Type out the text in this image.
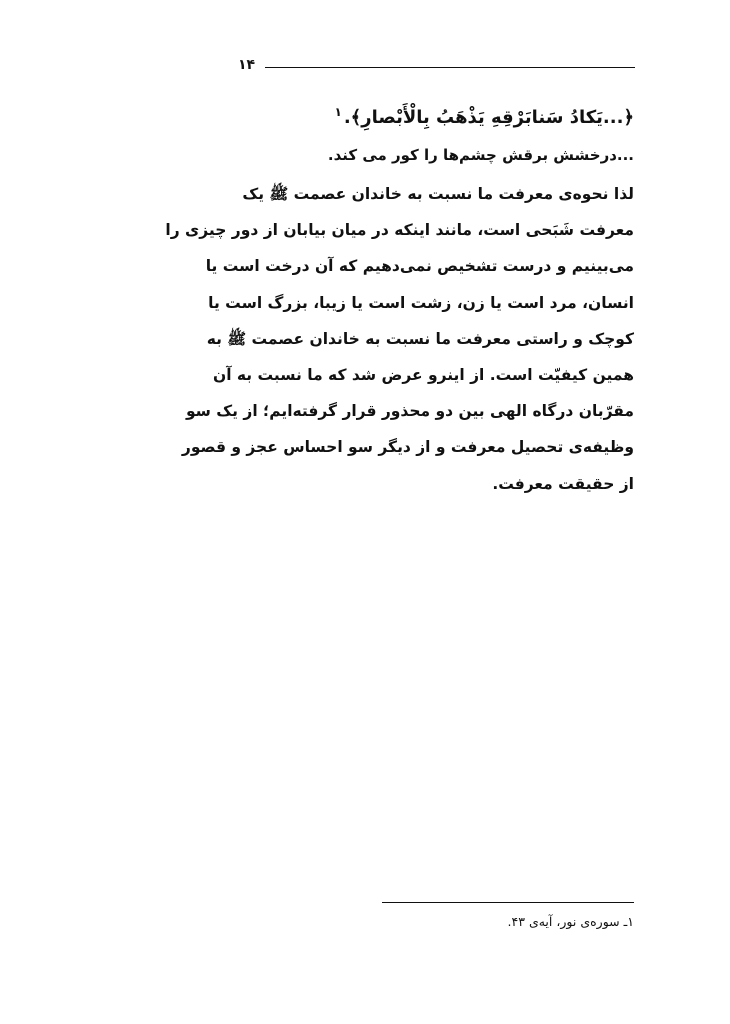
۱۴
﴿...يَكادُ سَنابَرْقِهِ يَذْهَبُ بِالْأَبْصارِ﴾.$^۱$
...درخشش برقش چشم‌ها را کور می کند.
لذا نحوه‌ی معرفت ما نسبت به خاندان عصمت ﷺ یک
معرفت شَبَحی است، مانند اینکه در میان بیابان از دور چیزی را
می‌بینیم و درست تشخیص نمی‌دهیم که آن درخت است یا
انسان، مرد است یا زن، زشت است یا زیبا، بزرگ است یا
کوچک و راستی معرفت ما نسبت به خاندان عصمت ﷺ به
همین کیفیّت است. از اینرو عرض شد که ما نسبت به آن
مقرّبان درگاه الهی بین دو محذور قرار گرفته‌ایم؛ از یک سو
وظیفه‌ی تحصیل معرفت و از دیگر سو احساس عجز و قصور
از حقیقت معرفت.
۱ـ سوره‌ی نور، آیه‌ی ۴۳.
